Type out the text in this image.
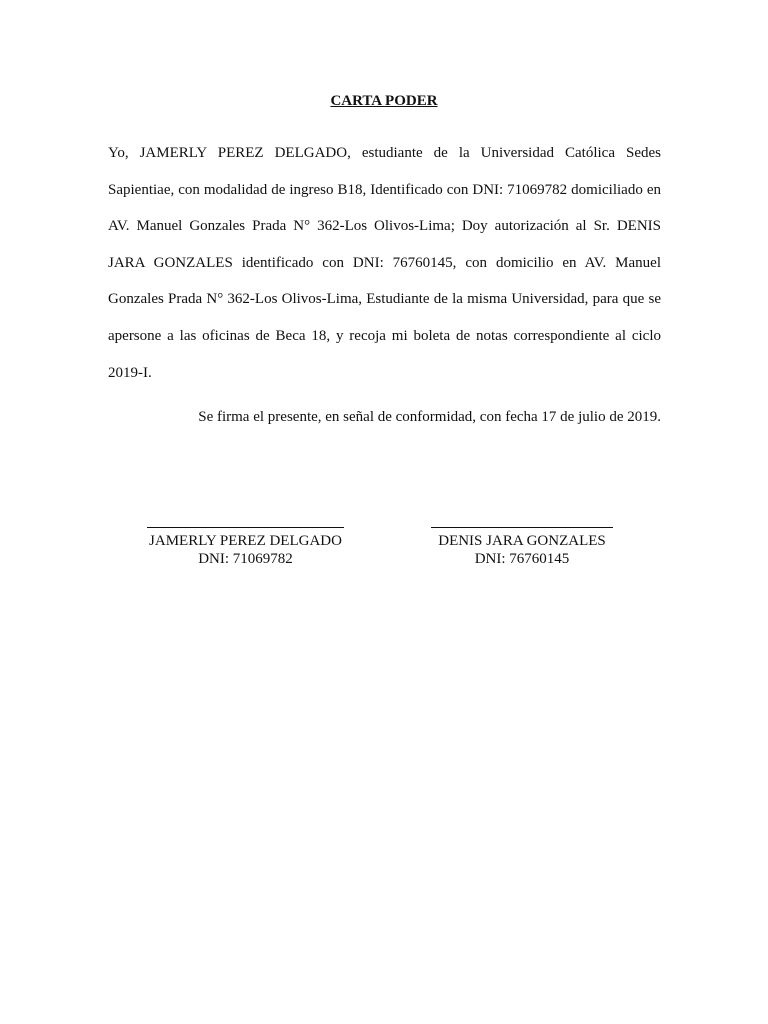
CARTA PODER

Yo, JAMERLY PEREZ DELGADO, estudiante de la Universidad Católica Sedes Sapientiae, con modalidad de ingreso B18, Identificado con DNI: 71069782 domiciliado en AV. Manuel Gonzales Prada N° 362-Los Olivos-Lima; Doy autorización al Sr. DENIS JARA GONZALES identificado con DNI: 76760145, con domicilio en AV. Manuel Gonzales Prada N° 362-Los Olivos-Lima, Estudiante de la misma Universidad, para que se apersone a las oficinas de Beca 18, y recoja mi boleta de notas correspondiente al ciclo 2019-I.

Se firma el presente, en señal de conformidad, con fecha 17 de julio de 2019.

JAMERLY PEREZ DELGADO
DNI: 71069782
DENIS JARA GONZALES
DNI: 76760145
